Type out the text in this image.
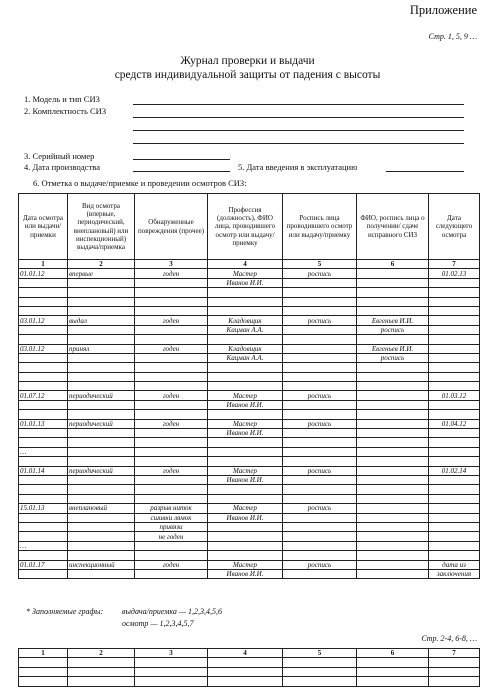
Приложение
Стр. 1, 5, 9 …
Журнал проверки и выдачи
средств индивидуальной защиты от падения с высоты
1. Модель и тип СИЗ
2. Комплектность СИЗ
3. Серийный номер
4. Дата производства	5. Дата введения в эксплуатацию
6. Отметка о выдаче/приемке и проведении осмотров СИЗ:
Дата осмотра или выдачи/ приемки	Вид осмотра (впервые, периодический, внеплановый) или инспекционный) выдача/приемка	Обнаруженные повреждения (прочее)	Профессия (должность), ФИО лица, проводившего осмотр или выдачу/приемку	Роспись лица проводившего осмотр или выдачу/приемку	ФИО, роспись лица о получении/ сдаче исправного СИЗ	Дата следующего осмотра
1	2	3	4	5	6	7
01.01.12	впервые	годен	Мастер	роспись		01.02.13
			Иванов И.И.			

03.01.12	выдал	годен	Кладовщик	роспись	Евгеньев И.И.	
			Кацман А.А.		роспись	

03.01.12	принял	годен	Кладовщик		Евгеньев И.И.	
			Кацман А.А.		роспись	

01.07.12	периодический	годен	Мастер	роспись		01.03.12
			Иванов И.И.			

01.01.13	периодический	годен	Мастер	роспись		01.04.12
			Иванов И.И.			

…						

01.01.14	периодический	годен	Мастер	роспись		01.02.14
			Иванов И.И.			

15.01.13	внеплановый	разрыв ниток	Мастер	роспись		
		сшивки лямок	Иванов И.И.			
		привязи				
		не годен				
…						

01.01.17	инспекционный	годен	Мастер	роспись		дата из
			Иванов И.И.			заключения
* Заполняемые графы: выдача/приемка — 1,2,3,4,5,6
осмотр — 1,2,3,4,5,7
Стр. 2-4, 6-8, …
1	2	3	4	5	6	7
